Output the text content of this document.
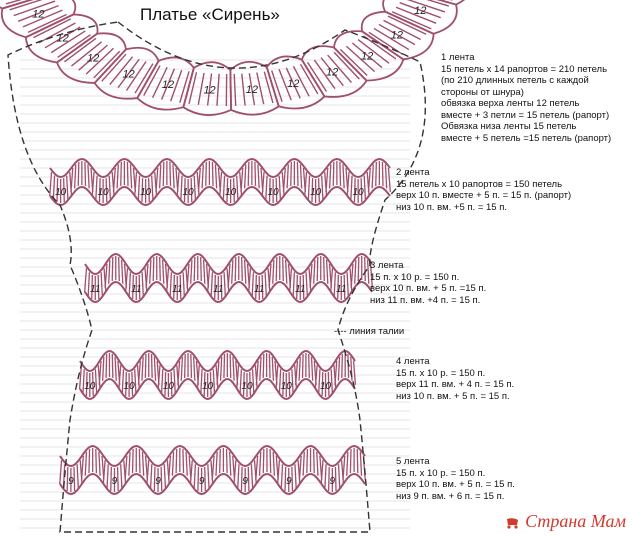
12
12
12
12
12	12	12
12
12
12
12
12
10	10	10	10	10	10	10	10
11	11	11	11	11	11	11
10	10	10	10	10	10	10
9	9	9	9	9	9	9
Платье «Сирень»
1 лента
15 петель х 14 рапортов = 210 петель
(по 210 длинных петель с каждой
стороны от шнура)
обвязка верха ленты 12 петель
вместе + 3 петли = 15 петель (рапорт)
Обвязка низа ленты 15 петель
вместе + 5 петель =15 петель (рапорт)
2 лента
15 петель х 10 рапортов = 150 петель
верх 10 п. вместе + 5 п. = 15 п. (рапорт)
низ 10 п. вм. +5 п. = 15 п.
3 лента
15 п. х 10 р. = 150 п.
верх 10 п. вм. + 5 п. =15 п.
низ 11 п. вм. +4 п. = 15 п.
4 лента
15 п. х 10 р. = 150 п.
верх 11 п. вм. + 4 п. = 15 п.
низ 10 п. вм. + 5 п. = 15 п.
5 лента
15 п. х 10 р. = 150 п.
верх 10 п. вм. + 5 п. = 15 п.
низ 9 п. вм. + 6 п. = 15 п.
---- линия талии
Страна Мам
